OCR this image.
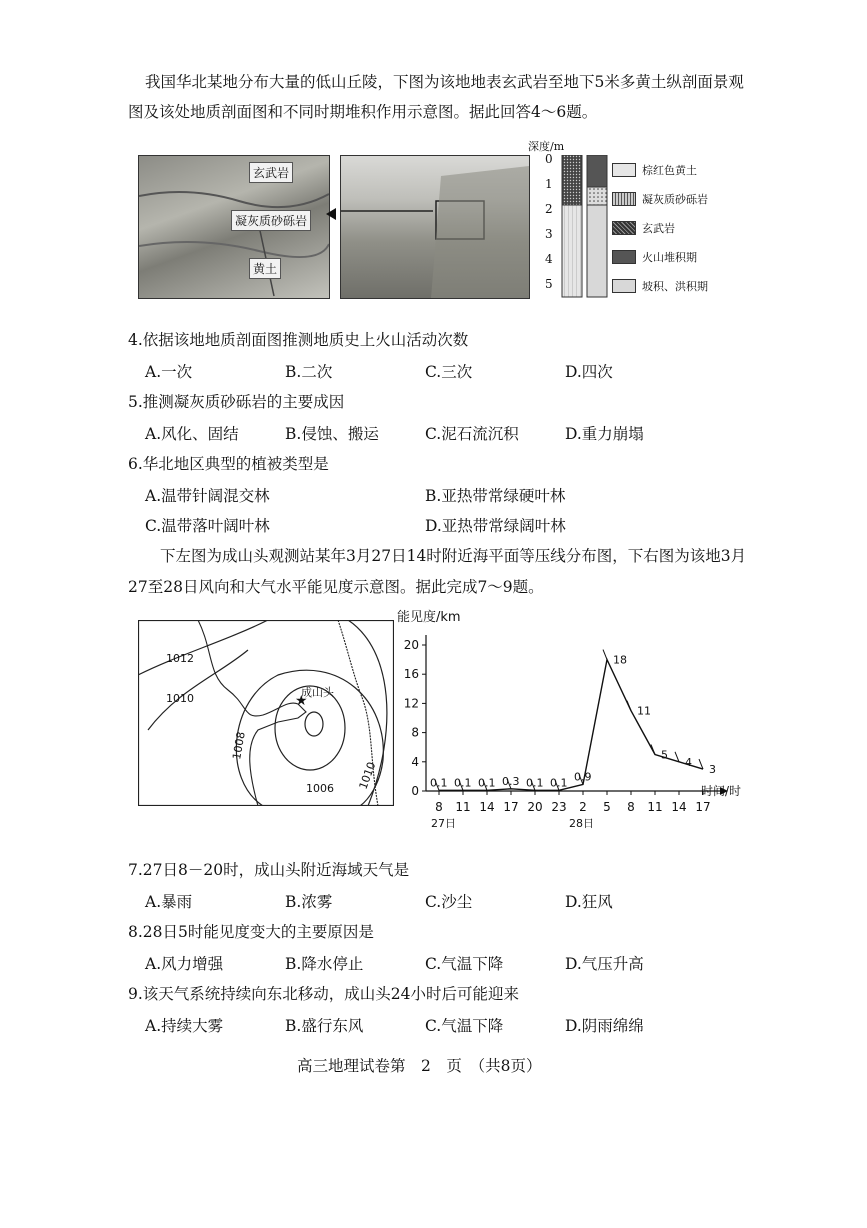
我国华北某地分布大量的低山丘陵，下图为该地地表玄武岩至地下5米多黄土纵剖面景观
图及该处地质剖面图和不同时期堆积作用示意图。据此回答4～6题。
玄武岩
凝灰质砂砾岩
黄土
深度/m
0
1
2
3
4
5
棕红色黄土
凝灰质砂砾岩
玄武岩
火山堆积期
坡积、洪积期
4.依据该地地质剖面图推测地质史上火山活动次数
A.一次	B.二次	C.三次	D.四次
5.推测凝灰质砂砾岩的主要成因
A.风化、固结	B.侵蚀、搬运	C.泥石流沉积	D.重力崩塌
6.华北地区典型的植被类型是
A.温带针阔混交林	B.亚热带常绿硬叶林
C.温带落叶阔叶林	D.亚热带常绿阔叶林
下左图为成山头观测站某年3月27日14时附近海平面等压线分布图，下右图为该地3月
27至28日风向和大气水平能见度示意图。据此完成7～9题。
1012
1010
1008
1006 1010
★
成山头
能见度/km
时间/时
0
4
8
12
16
20
8 11 14 17 20 23 2 5 8 11 14 17
0.1 0.1 0.1 0.3 0.1 0.1 0.9
18
11
5
4
3
27日	28日
7.27日8－20时，成山头附近海域天气是
A.暴雨	B.浓雾	C.沙尘	D.狂风
8.28日5时能见度变大的主要原因是
A.风力增强	B.降水停止	C.气温下降	D.气压升高
9.该天气系统持续向东北移动，成山头24小时后可能迎来
A.持续大雾	B.盛行东风	C.气温下降	D.阴雨绵绵
高三地理试卷第　2　页　（共8页）
